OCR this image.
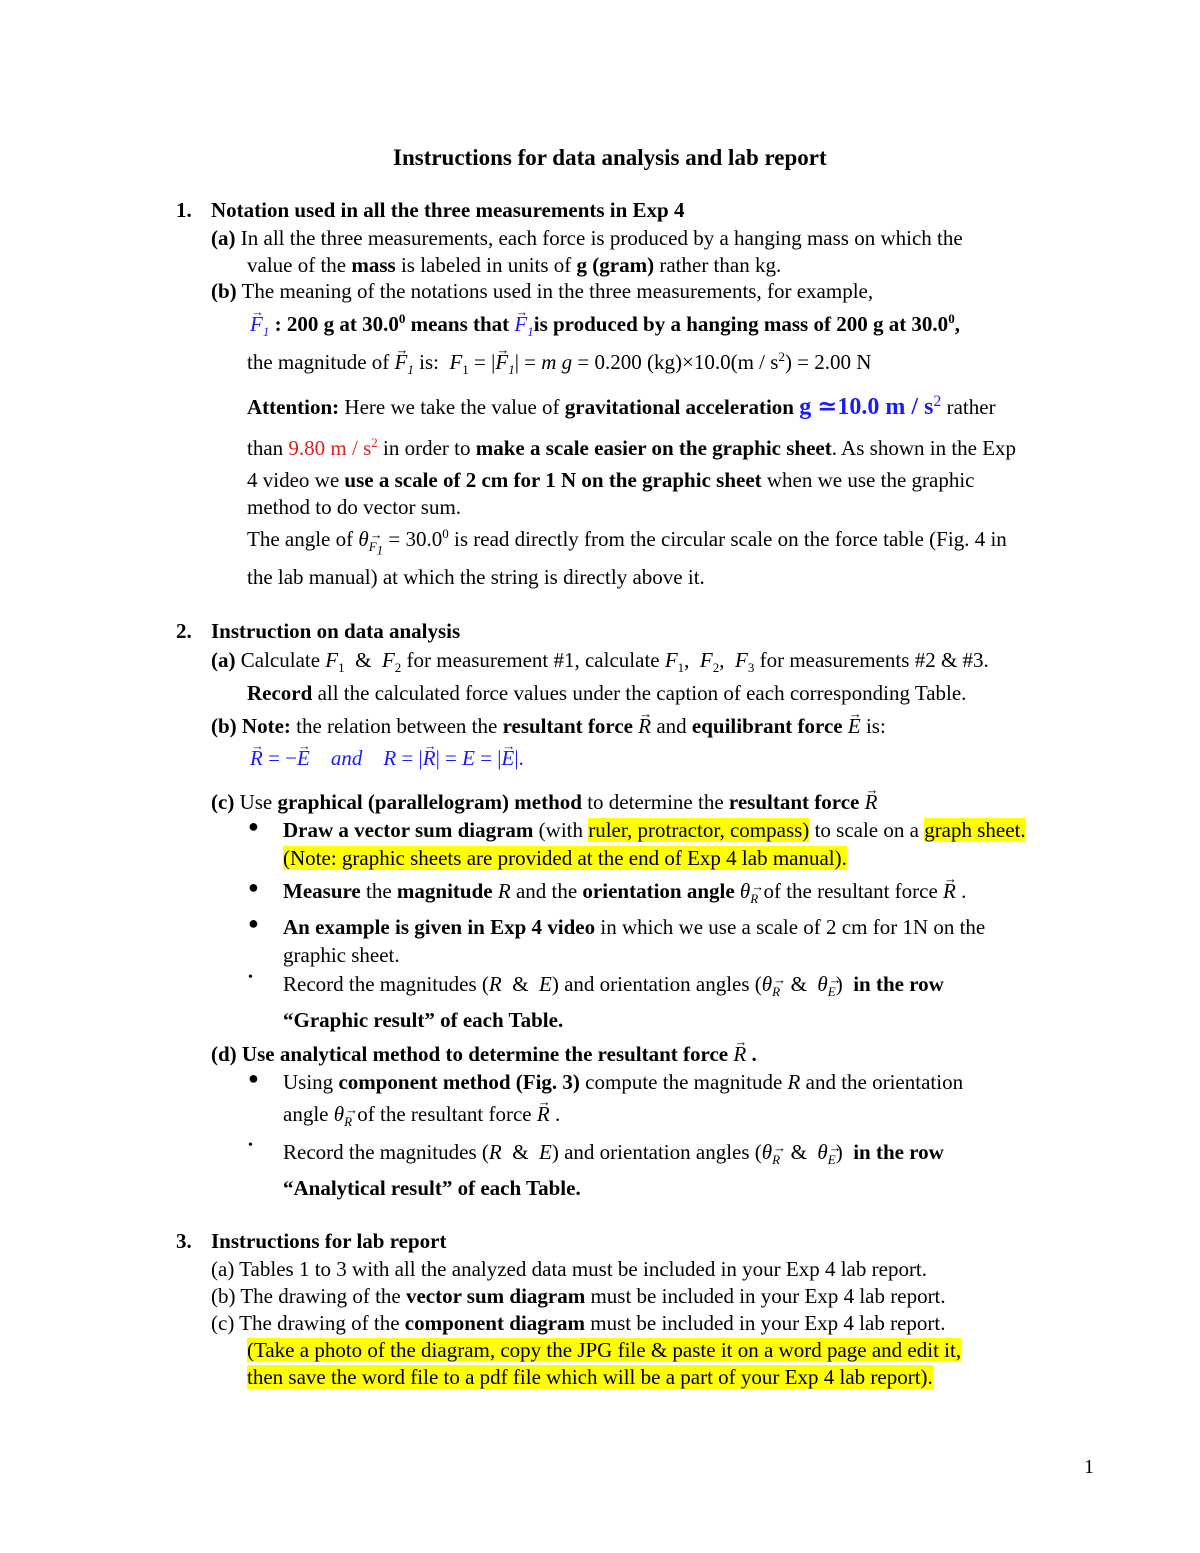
Instructions for data analysis and lab report
1. Notation used in all the three measurements in Exp 4
(a) In all the three measurements, each force is produced by a hanging mass on which the
value of the mass is labeled in units of g (gram) rather than kg.
(b) The meaning of the notations used in the three measurements, for example,
→ $F_1$ : 200 g at 30.0$^0$ means that → $F_1is$ produced by a hanging mass of 200 g at 30.0$^0$,
the magnitude of → $F_1$ is: $F_1$ = |→ $F_1| = m$ g = 0.200 $(kg)\times 10.0(m / s^2) = 2.00$ N
Attention: Here we take the value of gravitational acceleration g ≃10.0 m / $s^2$ rather
than 9.80 m / $s^2$ in order to make a scale easier on the graphic sheet. As shown in the Exp
4 video we use a scale of 2 cm for 1 N on the graphic sheet when we use the graphic
method to do vector sum.
The angle of $\theta\to _{F_1} = 30.0^0$ is read directly from the circular scale on the force table (Fig. 4 in
the lab manual) at which the string is directly above it.
2. Instruction on data analysis
(a) Calculate $F_1$  &  $F_2$ for measurement #1, calculate $F_1$,  $F_2$,  $F_3$ for measurements #2 & #3.
Record all the calculated force values under the caption of each corresponding Table.
(b) Note: the relation between the resultant force → R and equilibrant force → E is:
→ R = −→ E and R = |→ R| = E = |→ E|.
(c) Use graphical (parallelogram) method to determine the resultant force → R
● Draw a vector sum diagram (with ruler, protractor, compass) to scale on a graph sheet.
(Note: graphic sheets are provided at the end of Exp 4 lab manual).
● Measure the magnitude R and the orientation angle $\theta_R$ of the resultant force → R .
● An example is given in Exp 4 video in which we use a scale of 2 cm for 1N on the
graphic sheet.
• Record the magnitudes (R  &  E) and orientation angles ($\theta_R$  &  $\theta_E$)  in the row
“Graphic result” of each Table.
(d) Use analytical method to determine the resultant force → R .
● Using component method (Fig. 3) compute the magnitude R and the orientation
angle $\theta_R$ of the resultant force → R .
• Record the magnitudes (R  &  E) and orientation angles ($\theta_R$  &  $\theta_E$)  in the row
“Analytical result” of each Table.
3. Instructions for lab report
(a) Tables 1 to 3 with all the analyzed data must be included in your Exp 4 lab report.
(b) The drawing of the vector sum diagram must be included in your Exp 4 lab report.
(c) The drawing of the component diagram must be included in your Exp 4 lab report.
(Take a photo of the diagram, copy the JPG file & paste it on a word page and edit it,
then save the word file to a pdf file which will be a part of your Exp 4 lab report).
1
